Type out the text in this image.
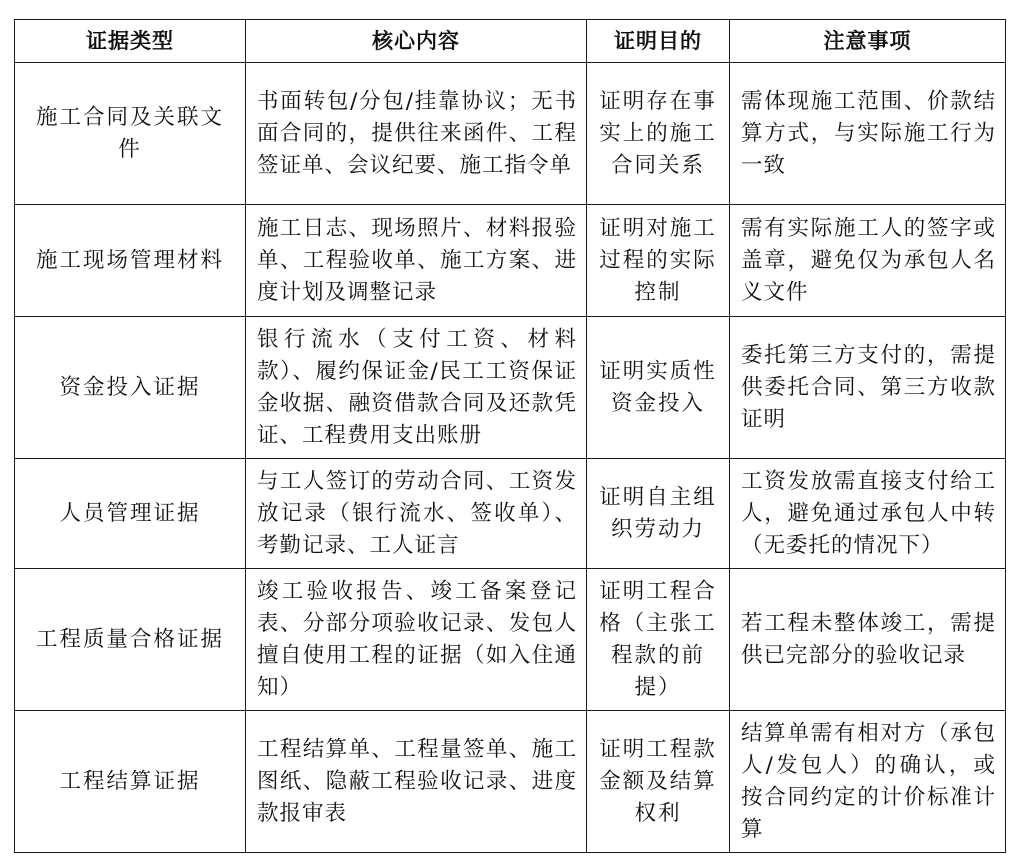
证据类型	核心内容	证明目的	注意事项
施工合同及关联文件	书面转包/分包/挂靠协议；无书面合同的，提供往来函件、工程签证单、会议纪要、施工指令单	证明存在事实上的施工合同关系	需体现施工范围、价款结算方式，与实际施工行为一致
施工现场管理材料	施工日志、现场照片、材料报验单、工程验收单、施工方案、进度计划及调整记录	证明对施工过程的实际控制	需有实际施工人的签字或盖章，避免仅为承包人名义文件
资金投入证据	银行流水（支付工资、材料款）、履约保证金/民工工资保证金收据、融资借款合同及还款凭证、工程费用支出账册	证明实质性资金投入	委托第三方支付的，需提供委托合同、第三方收款证明
人员管理证据	与工人签订的劳动合同、工资发放记录（银行流水、签收单）、考勤记录、工人证言	证明自主组织劳动力	工资发放需直接支付给工人，避免通过承包人中转（无委托的情况下）
工程质量合格证据	竣工验收报告、竣工备案登记表、分部分项验收记录、发包人擅自使用工程的证据（如入住通知）	证明工程合格（主张工程款的前提）	若工程未整体竣工，需提供已完部分的验收记录
工程结算证据	工程结算单、工程量签单、施工图纸、隐蔽工程验收记录、进度款报审表	证明工程款金额及结算权利	结算单需有相对方（承包人/发包人）的确认，或按合同约定的计价标准计算
